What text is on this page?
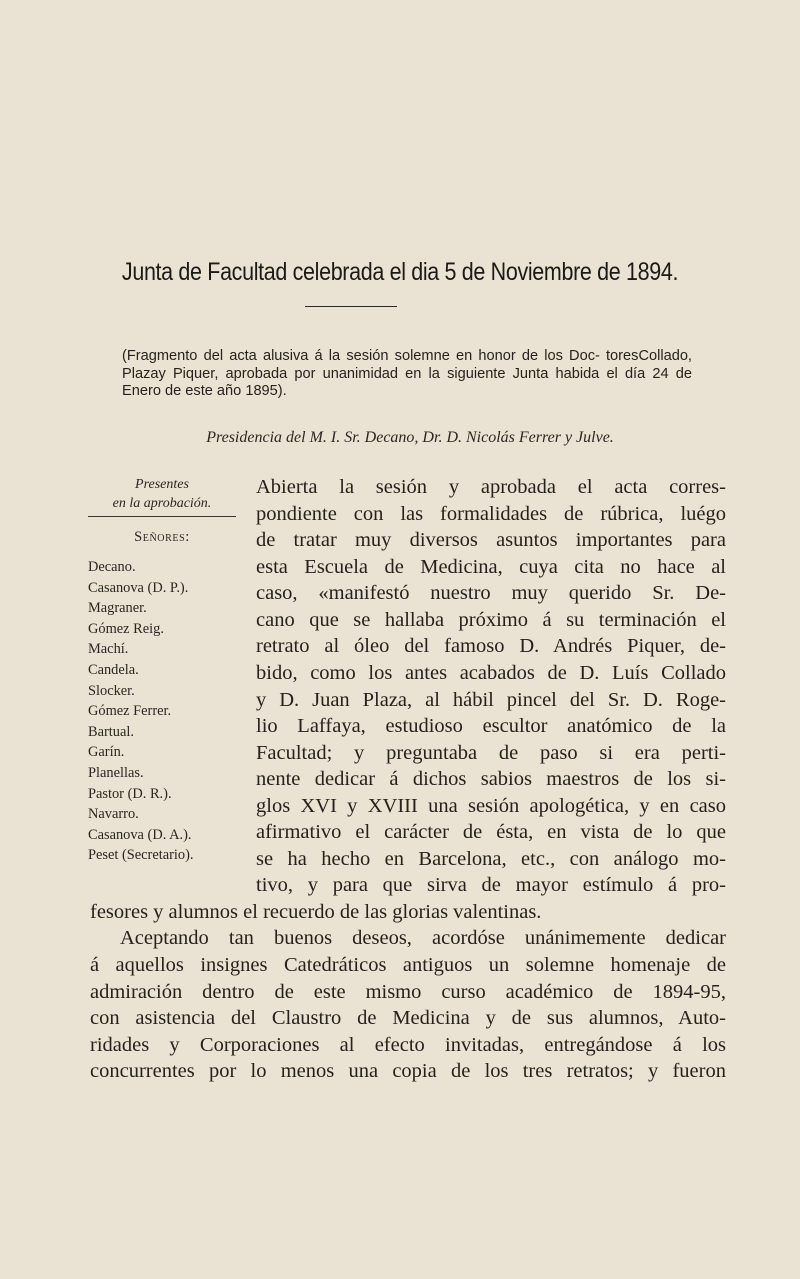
Junta de Facultad celebrada el dia 5 de Noviembre de 1894.
(Fragmento del acta alusiva á la sesión solemne en honor de los Doc- toresCollado, Plazay Piquer, aprobada por unanimidad en la siguiente Junta habida el día 24 de Enero de este año 1895).
Presidencia del M. I. Sr. Decano, Dr. D. Nicolás Ferrer y Julve.
Presentes
en la aprobación.
Señores:
Decano.
Casanova (D. P.).
Magraner.
Gómez Reig.
Machí.
Candela.
Slocker.
Gómez Ferrer.
Bartual.
Garín.
Planellas.
Pastor (D. R.).
Navarro.
Casanova (D. A.).
Peset (Secretario).
Abierta la sesión y aprobada el acta corres-
pondiente con las formalidades de rúbrica, luégo
de tratar muy diversos asuntos importantes para
esta Escuela de Medicina, cuya cita no hace al
caso, «manifestó nuestro muy querido Sr. De-
cano que se hallaba próximo á su terminación el
retrato al óleo del famoso D. Andrés Piquer, de-
bido, como los antes acabados de D. Luís Collado
y D. Juan Plaza, al hábil pincel del Sr. D. Roge-
lio Laffaya, estudioso escultor anatómico de la
Facultad; y preguntaba de paso si era perti-
nente dedicar á dichos sabios maestros de los si-
glos XVI y XVIII una sesión apologética, y en caso
afirmativo el carácter de ésta, en vista de lo que
se ha hecho en Barcelona, etc., con análogo mo-
tivo, y para que sirva de mayor estímulo á pro-
fesores y alumnos el recuerdo de las glorias valentinas.
Aceptando tan buenos deseos, acordóse unánimemente dedicar
á aquellos insignes Catedráticos antiguos un solemne homenaje de
admiración dentro de este mismo curso académico de 1894-95,
con asistencia del Claustro de Medicina y de sus alumnos, Auto-
ridades y Corporaciones al efecto invitadas, entregándose á los
concurrentes por lo menos una copia de los tres retratos; y fueron
